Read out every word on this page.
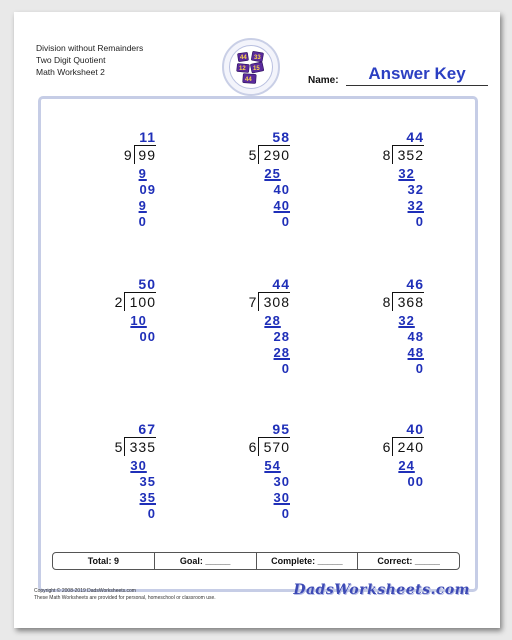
Division without Remainders
Two Digit Quotient
Math Worksheet 2
44 33
12 15
44	Name:	Answer Key
11
99
9
9
09
9
0
58
290
5
25
40
40
0
44
352
8
32
32
32
0
50
100
2
10
00
44
308
7
28
28
28
0
46
368
8
32
48
48
0
67
335
5
30
35
35
0
95
570
6
54
30
30
0
40
240
6
24
00
Total: 9	Goal: _____	Complete: _____	Correct: _____
Copyright © 2008-2019 DadsWorksheets.com
These Math Worksheets are provided for personal, homeschool or classroom use.	DadsWorksheets.com
